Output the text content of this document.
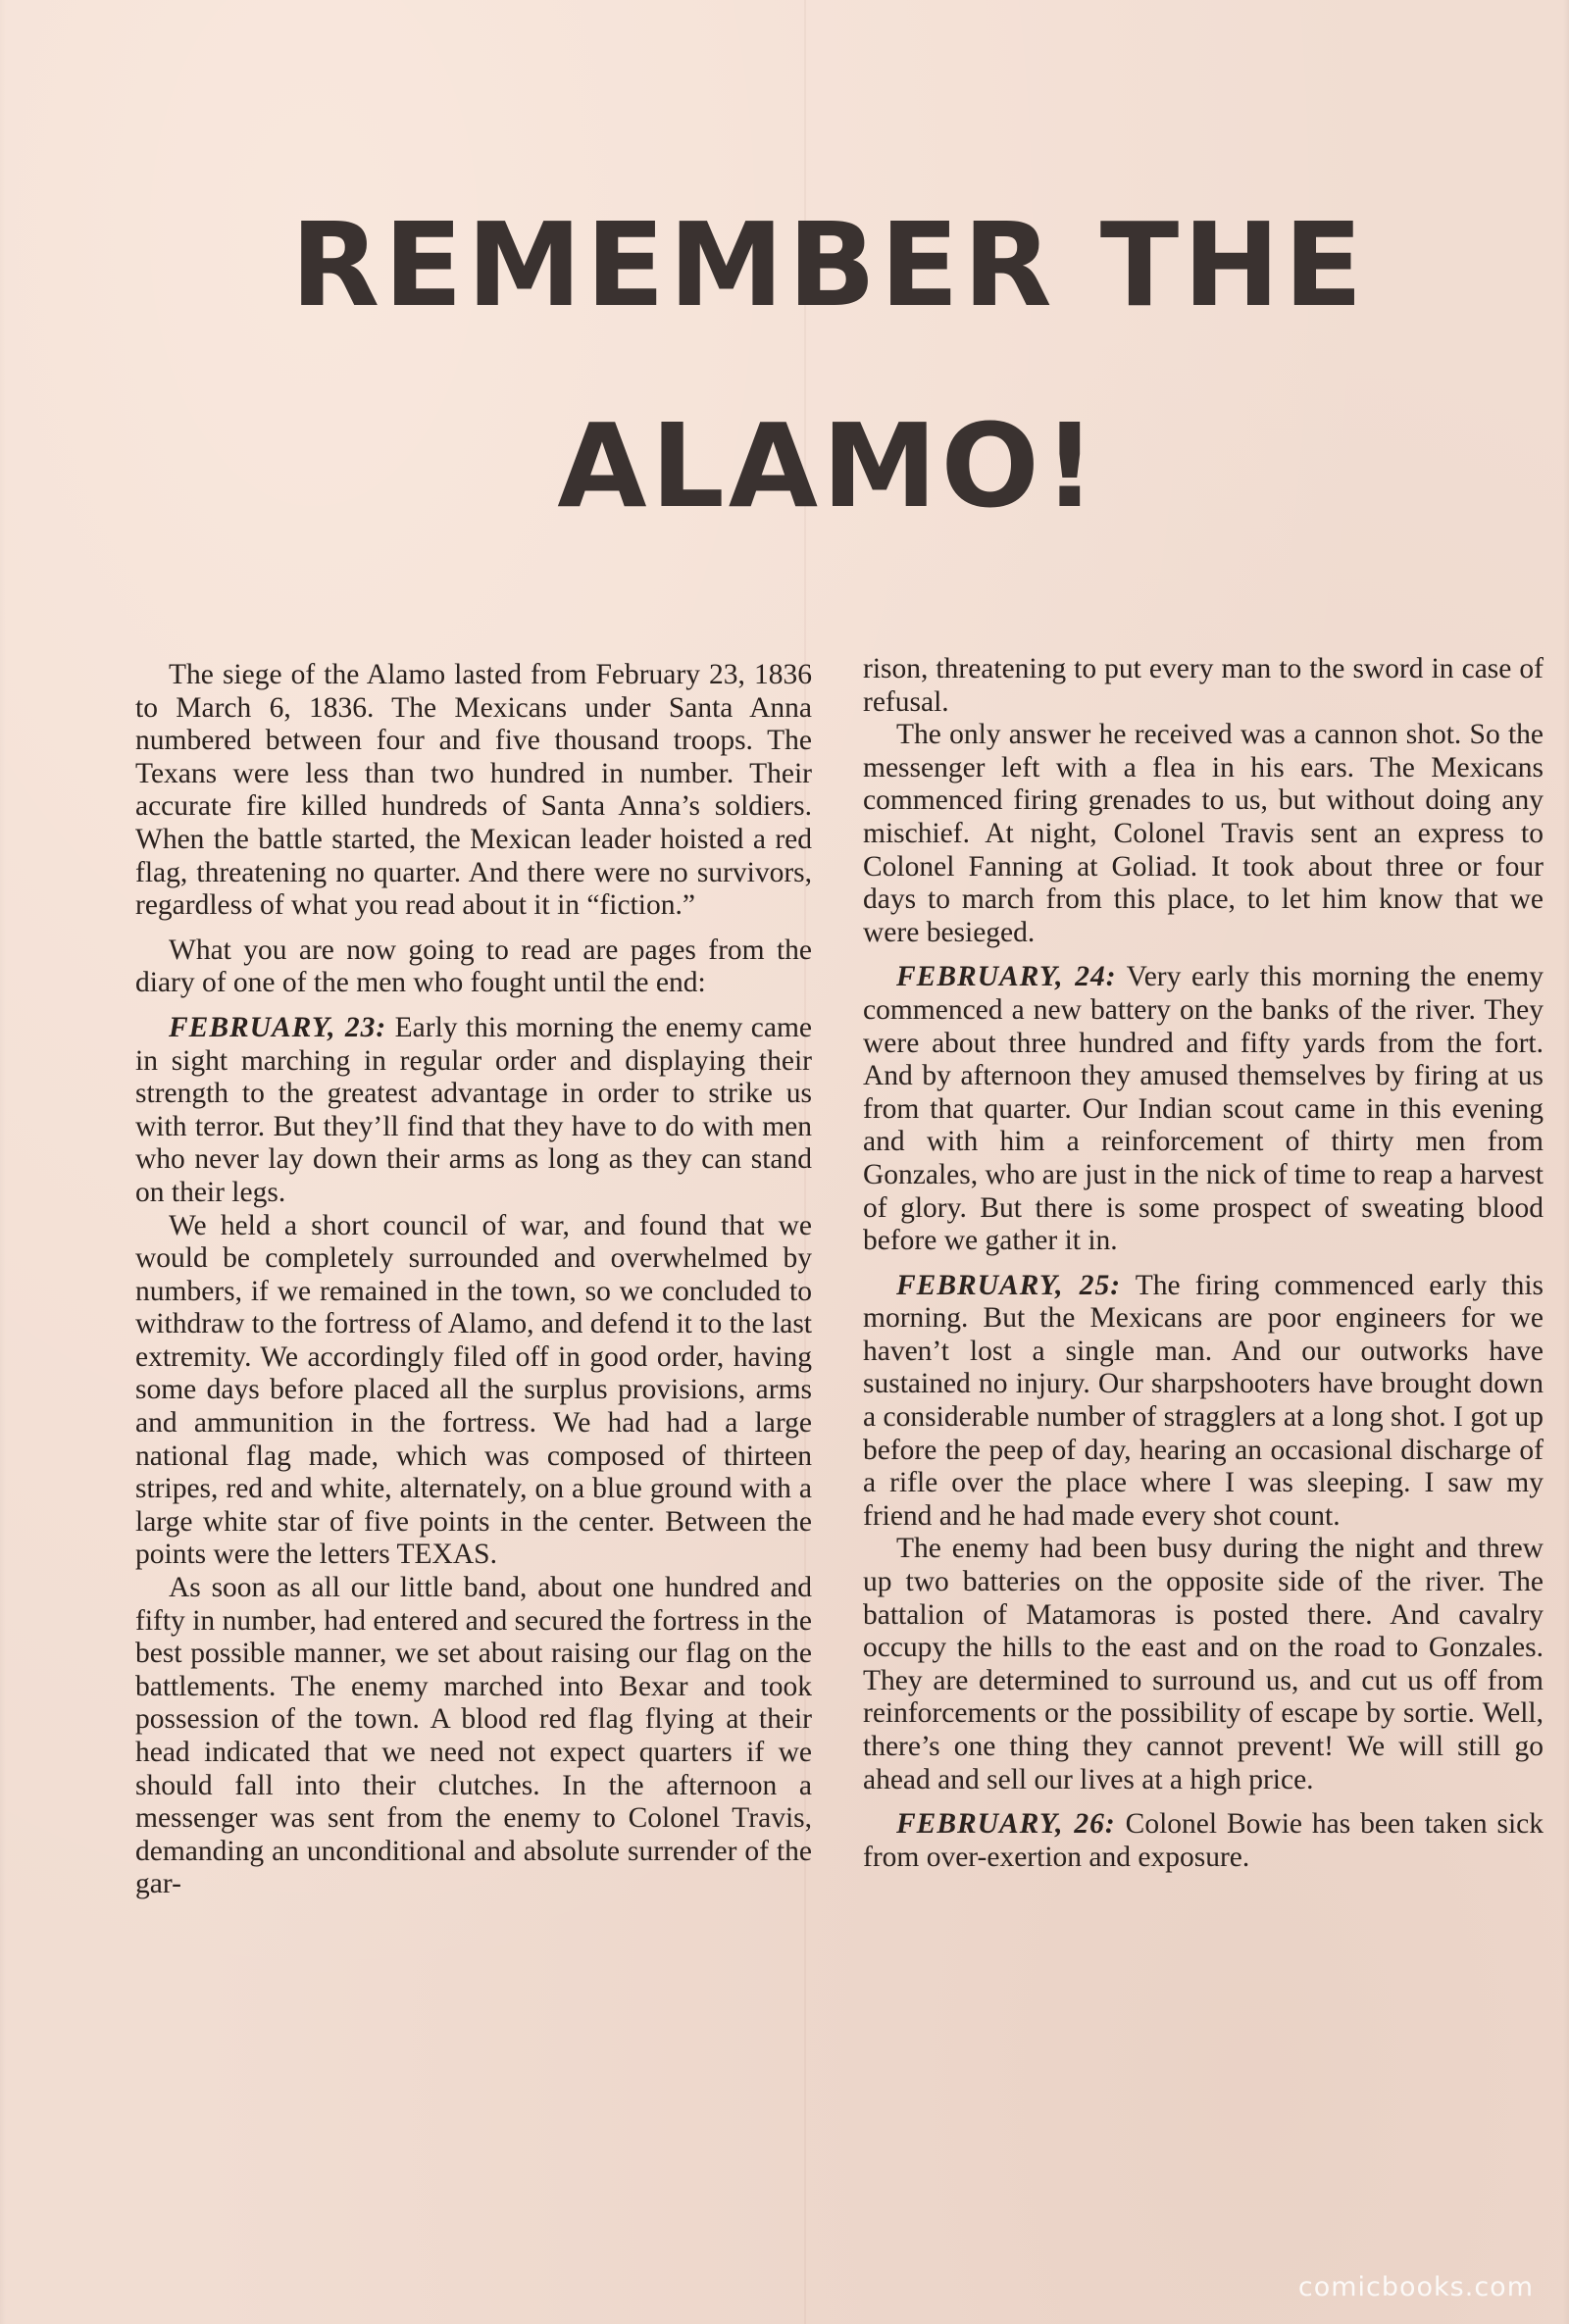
REMEMBER THE
ALAMO!

The siege of the Alamo lasted from February 23, 1836 to March 6, 1836. The Mexicans under Santa Anna numbered between four and five thousand troops. The Texans were less than two hundred in number. Their accurate fire killed hundreds of Santa Anna’s soldiers. When the battle started, the Mexican leader hoisted a red flag, threatening no quarter. And there were no survivors, regardless of what you read about it in “fiction.”

What you are now going to read are pages from the diary of one of the men who fought until the end:

FEBRUARY, 23: Early this morning the enemy came in sight marching in regular order and displaying their strength to the greatest advantage in order to strike us with terror. But they’ll find that they have to do with men who never lay down their arms as long as they can stand on their legs.

We held a short council of war, and found that we would be completely surrounded and overwhelmed by numbers, if we remained in the town, so we concluded to withdraw to the fortress of Alamo, and defend it to the last extremity. We accordingly filed off in good order, having some days before placed all the surplus provisions, arms and ammunition in the fortress. We had had a large national flag made, which was composed of thirteen stripes, red and white, alternately, on a blue ground with a large white star of five points in the center. Between the points were the letters TEXAS.

As soon as all our little band, about one hundred and fifty in number, had entered and secured the fortress in the best possible manner, we set about raising our flag on the battlements. The enemy marched into Bexar and took possession of the town. A blood red flag flying at their head indicated that we need not expect quarters if we should fall into their clutches. In the afternoon a messenger was sent from the enemy to Colonel Travis, demanding an unconditional and absolute surrender of the gar-

rison, threatening to put every man to the sword in case of refusal.

The only answer he received was a cannon shot. So the messenger left with a flea in his ears. The Mexicans commenced firing grenades to us, but without doing any mischief. At night, Colonel Travis sent an express to Colonel Fanning at Goliad. It took about three or four days to march from this place, to let him know that we were besieged.

FEBRUARY, 24: Very early this morning the enemy commenced a new battery on the banks of the river. They were about three hundred and fifty yards from the fort. And by afternoon they amused themselves by firing at us from that quarter. Our Indian scout came in this evening and with him a reinforcement of thirty men from Gonzales, who are just in the nick of time to reap a harvest of glory. But there is some prospect of sweating blood before we gather it in.

FEBRUARY, 25: The firing commenced early this morning. But the Mexicans are poor engineers for we haven’t lost a single man. And our outworks have sustained no injury. Our sharpshooters have brought down a considerable number of stragglers at a long shot. I got up before the peep of day, hearing an occasional discharge of a rifle over the place where I was sleeping. I saw my friend and he had made every shot count.

The enemy had been busy during the night and threw up two batteries on the opposite side of the river. The battalion of Matamoras is posted there. And cavalry occupy the hills to the east and on the road to Gonzales. They are determined to surround us, and cut us off from reinforcements or the possibility of escape by sortie. Well, there’s one thing they cannot prevent! We will still go ahead and sell our lives at a high price.

FEBRUARY, 26: Colonel Bowie has been taken sick from over-exertion and exposure.

comicbooks.com
